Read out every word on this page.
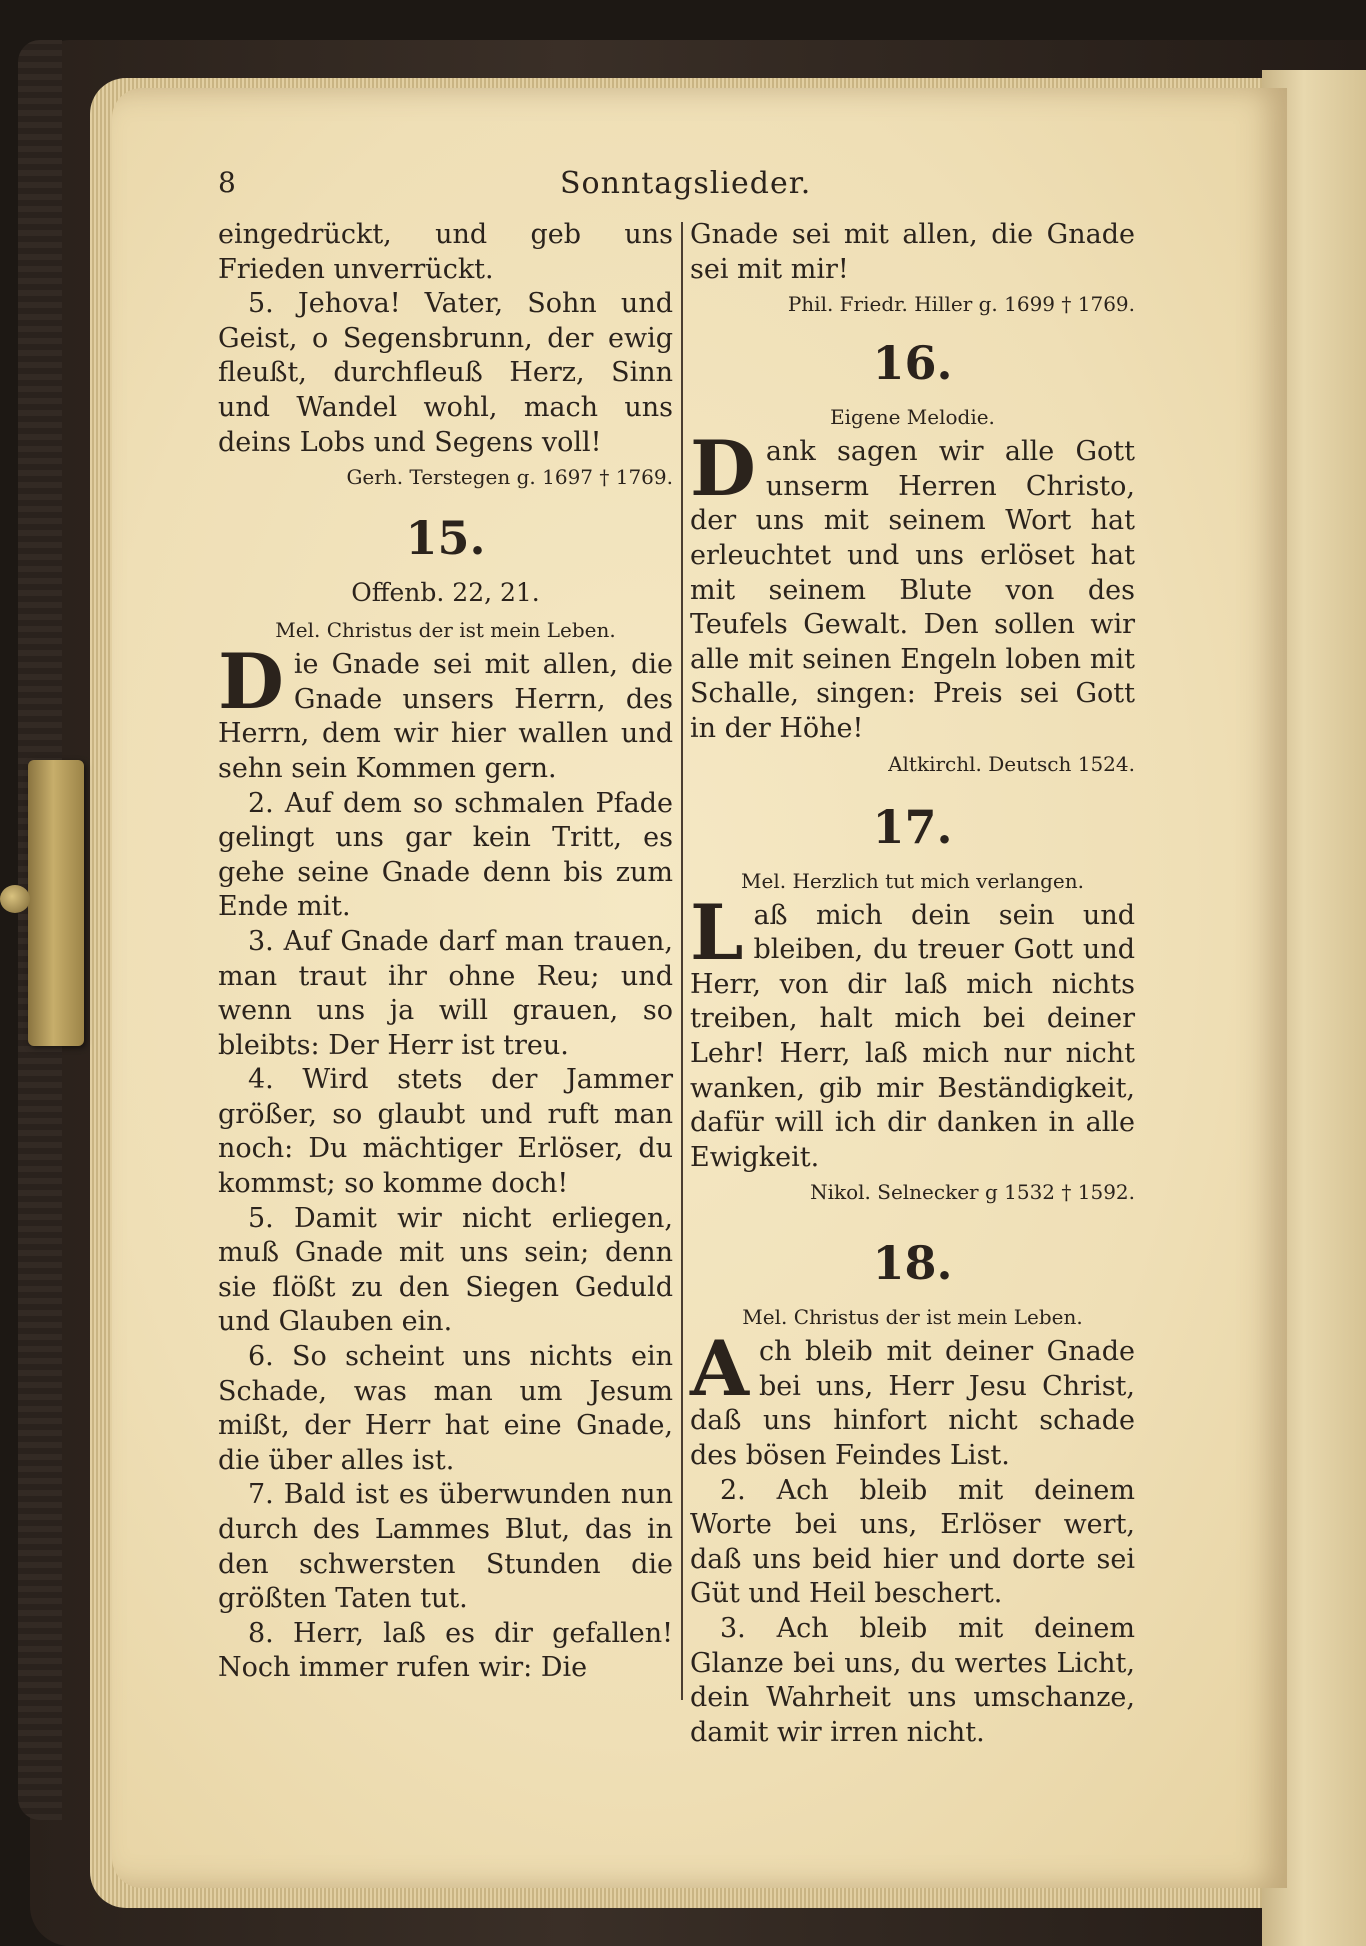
8	Sonntagslieder.

eingedrückt, und geb uns Frieden unverrückt.

5. Jehova! Vater, Sohn und Geist, o Segensbrunn, der ewig fleußt, durchfleuß Herz, Sinn und Wandel wohl, mach uns deins Lobs und Segens voll!

Gerh. Terstegen g. 1697 † 1769.

15.

Offenb. 22, 21.

Mel. Christus der ist mein Leben.

Die Gnade sei mit allen, die Gnade unsers Herrn, des Herrn, dem wir hier wallen und sehn sein Kommen gern.

2. Auf dem so schmalen Pfade gelingt uns gar kein Tritt, es gehe seine Gnade denn bis zum Ende mit.

3. Auf Gnade darf man trauen, man traut ihr ohne Reu; und wenn uns ja will grauen, so bleibts: Der Herr ist treu.

4. Wird stets der Jammer größer, so glaubt und ruft man noch: Du mächtiger Erlöser, du kommst; so komme doch!

5. Damit wir nicht erliegen, muß Gnade mit uns sein; denn sie flößt zu den Siegen Geduld und Glauben ein.

6. So scheint uns nichts ein Schade, was man um Jesum mißt, der Herr hat eine Gnade, die über alles ist.

7. Bald ist es überwunden nun durch des Lammes Blut, das in den schwersten Stunden die größten Taten tut.

8. Herr, laß es dir gefallen! Noch immer rufen wir: Die

Gnade sei mit allen, die Gnade sei mit mir!

Phil. Friedr. Hiller g. 1699 † 1769.

16.

Eigene Melodie.

Dank sagen wir alle Gott unserm Herren Christo, der uns mit seinem Wort hat erleuchtet und uns erlöset hat mit seinem Blute von des Teufels Gewalt. Den sollen wir alle mit seinen Engeln loben mit Schalle, singen: Preis sei Gott in der Höhe!

Altkirchl. Deutsch 1524.

17.

Mel. Herzlich tut mich verlangen.

Laß mich dein sein und bleiben, du treuer Gott und Herr, von dir laß mich nichts treiben, halt mich bei deiner Lehr! Herr, laß mich nur nicht wanken, gib mir Beständigkeit, dafür will ich dir danken in alle Ewigkeit.

Nikol. Selnecker g 1532 † 1592.

18.

Mel. Christus der ist mein Leben.

Ach bleib mit deiner Gnade bei uns, Herr Jesu Christ, daß uns hinfort nicht schade des bösen Feindes List.

2. Ach bleib mit deinem Worte bei uns, Erlöser wert, daß uns beid hier und dorte sei Güt und Heil beschert.

3. Ach bleib mit deinem Glanze bei uns, du wertes Licht, dein Wahrheit uns umschanze, damit wir irren nicht.
